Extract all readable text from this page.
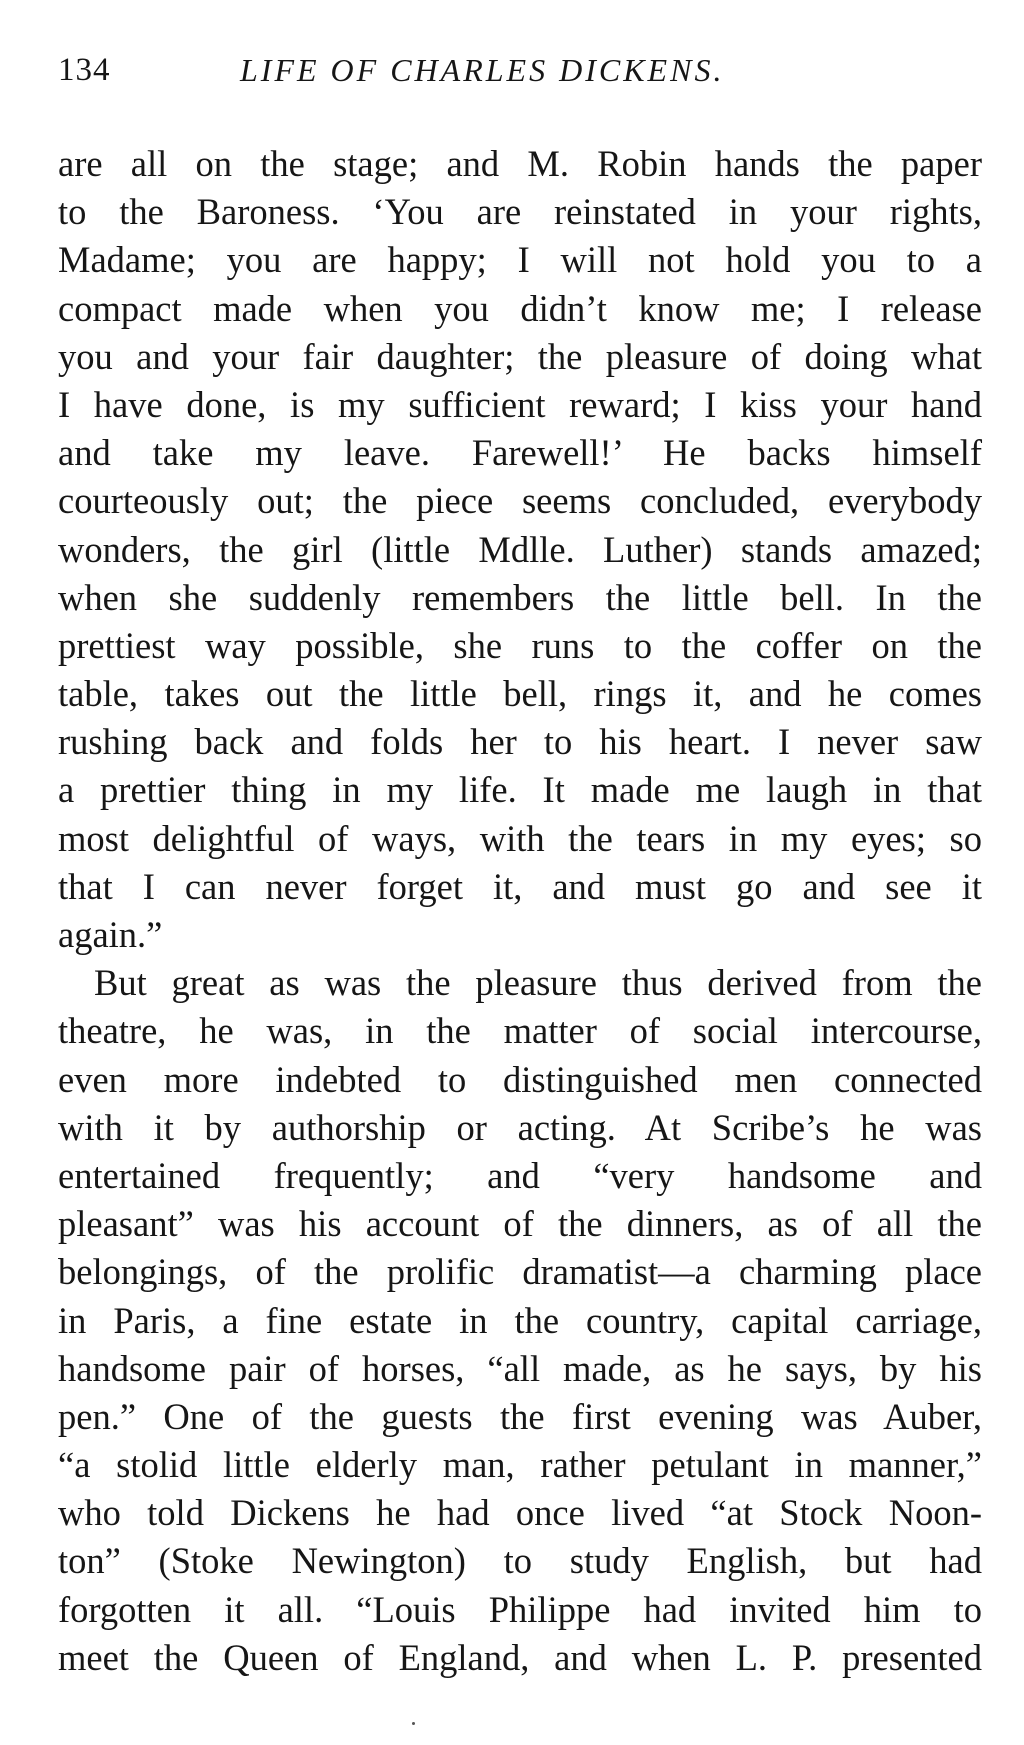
134	LIFE OF CHARLES DICKENS.
are all on the stage; and M. Robin hands the paper
to the Baroness. ‘You are reinstated in your rights,
Madame; you are happy; I will not hold you to a
compact made when you didn’t know me; I release
you and your fair daughter; the pleasure of doing what
I have done, is my sufficient reward; I kiss your hand
and take my leave. Farewell!’ He backs himself
courteously out; the piece seems concluded, everybody
wonders, the girl (little Mdlle. Luther) stands amazed;
when she suddenly remembers the little bell. In the
prettiest way possible, she runs to the coffer on the
table, takes out the little bell, rings it, and he comes
rushing back and folds her to his heart. I never saw
a prettier thing in my life. It made me laugh in that
most delightful of ways, with the tears in my eyes; so
that I can never forget it, and must go and see it
again.”
But great as was the pleasure thus derived from the
theatre, he was, in the matter of social intercourse,
even more indebted to distinguished men connected
with it by authorship or acting. At Scribe’s he was
entertained frequently; and “very handsome and
pleasant” was his account of the dinners, as of all the
belongings, of the prolific dramatist—a charming place
in Paris, a fine estate in the country, capital carriage,
handsome pair of horses, “all made, as he says, by his
pen.” One of the guests the first evening was Auber,
“a stolid little elderly man, rather petulant in manner,”
who told Dickens he had once lived “at Stock Noon-
ton” (Stoke Newington) to study English, but had
forgotten it all. “Louis Philippe had invited him to
meet the Queen of England, and when L. P. presented
